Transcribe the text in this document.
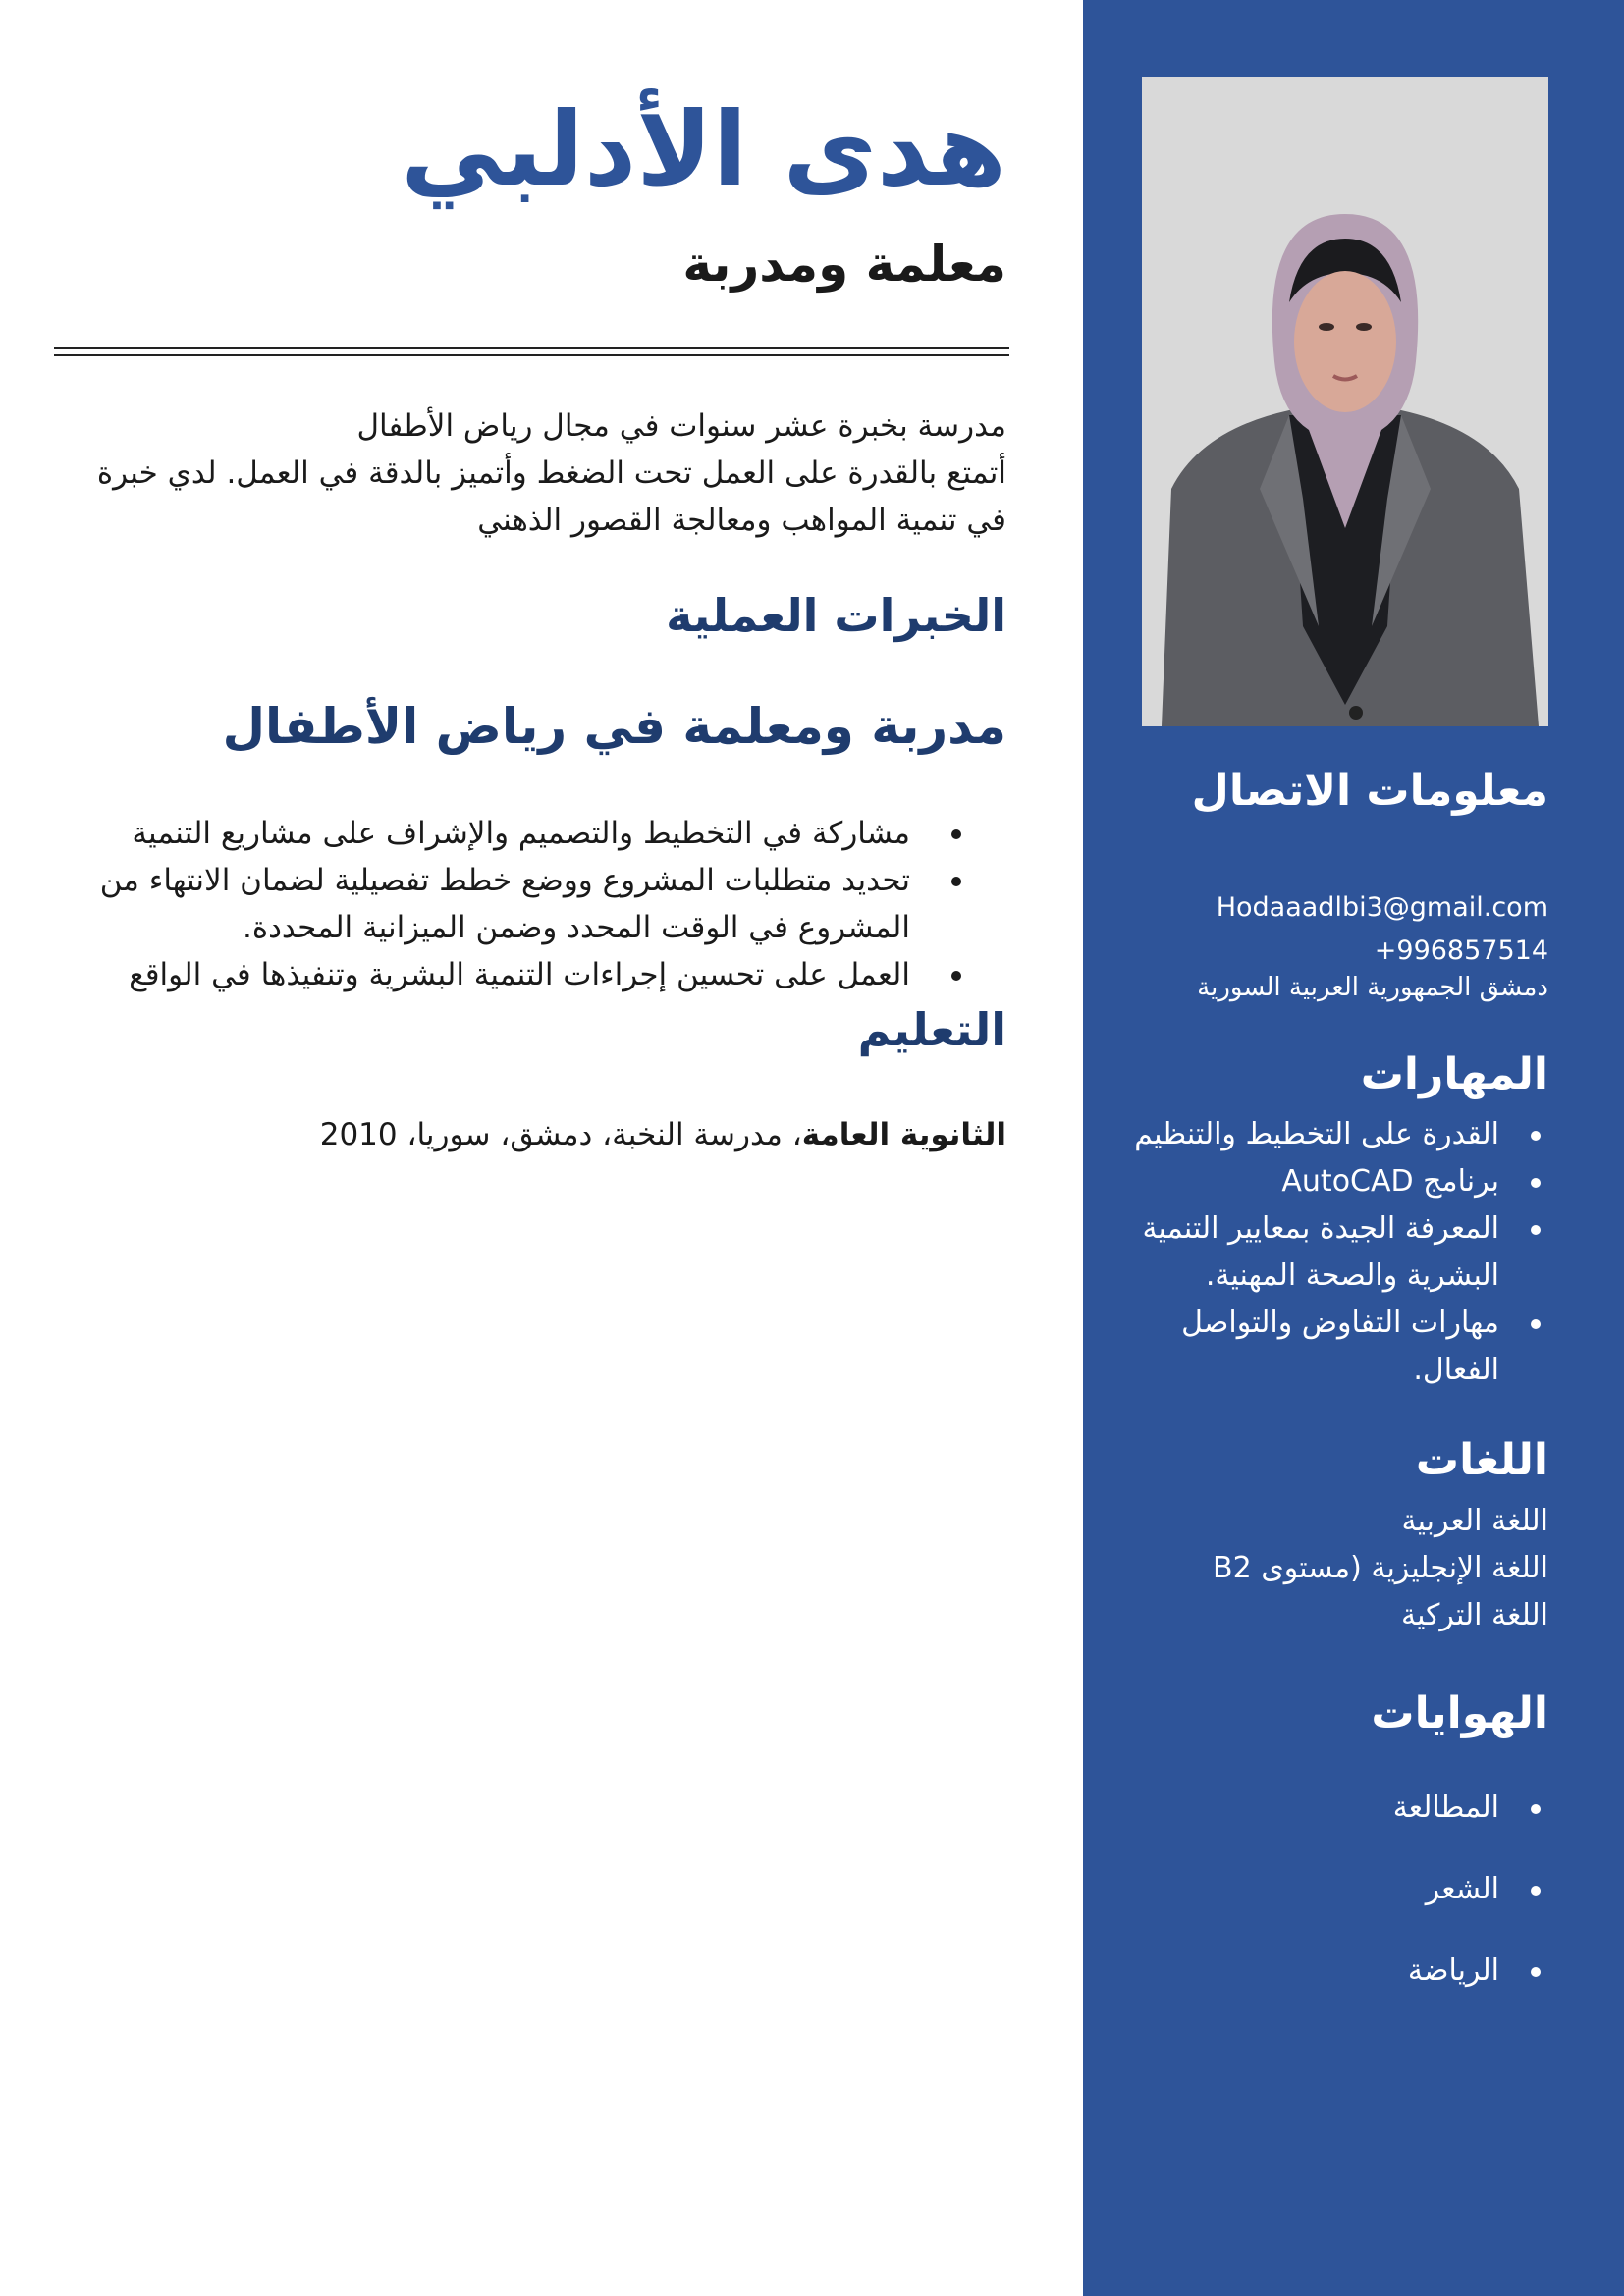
هدى الأدلبي
معلمة ومدربة
مدرسة بخبرة عشر سنوات في مجال رياض الأطفال
أتمتع بالقدرة على العمل تحت الضغط وأتميز بالدقة في العمل. لدي خبرة في تنمية المواهب ومعالجة القصور الذهني
الخبرات العملية
مدربة ومعلمة في رياض الأطفال
مشاركة في التخطيط والتصميم والإشراف على مشاريع التنمية
تحديد متطلبات المشروع ووضع خطط تفصيلية لضمان الانتهاء من المشروع في الوقت المحدد وضمن الميزانية المحددة.
العمل على تحسين إجراءات التنمية البشرية وتنفيذها في الواقع
التعليم

الثانوية العامة، مدرسة النخبة، دمشق، سوريا، 2010

معلومات الاتصال
Hodaaadlbi3@gmail.com
+996857514
دمشق الجمهورية العربية السورية
المهارات
القدرة على التخطيط والتنظيم
برنامج AutoCAD
المعرفة الجيدة بمعايير التنمية البشرية والصحة المهنية.
مهارات التفاوض والتواصل الفعال.
اللغات
اللغة العربية
اللغة الإنجليزية (مستوى B2
اللغة التركية
الهوايات
المطالعة
الشعر
الرياضة
